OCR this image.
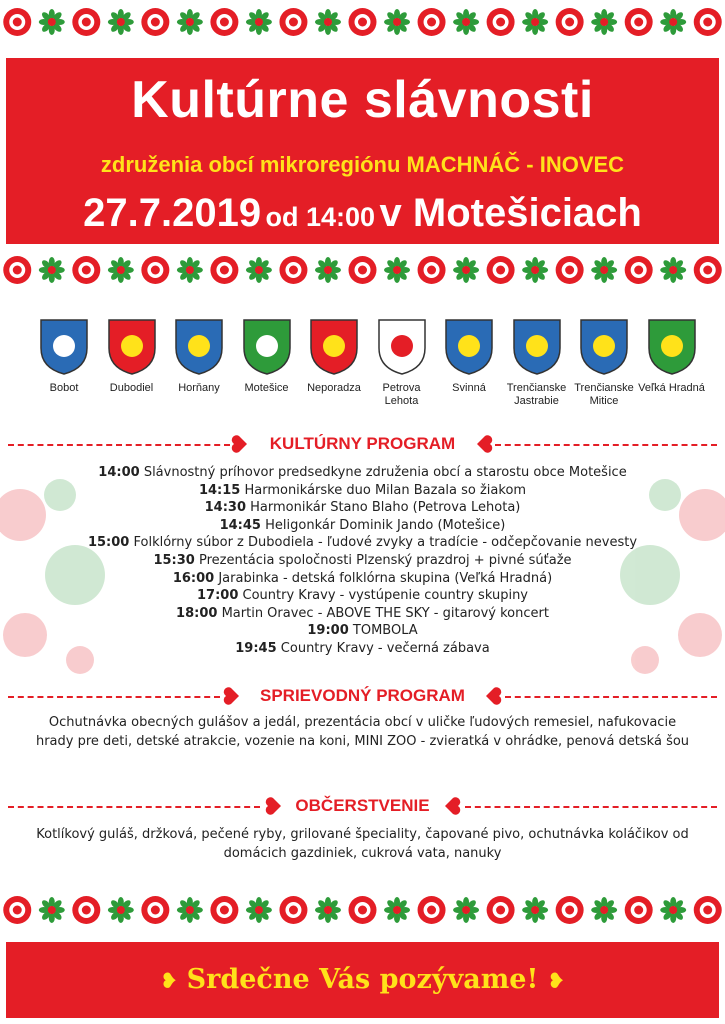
Kultúrne slávnosti
združenia obcí mikroregiónu MACHNÁČ - INOVEC
27.7.2019 od 14:00 v Motešiciach
Bobot	Dubodiel	Horňany	Motešice	Neporadza	Petrova Lehota
Svinná	Trenčianske Jastrabie
Trenčianske Mitice
Veľká Hradná
KULTÚRNY PROGRAM
14:00 Slávnostný príhovor predsedkyne združenia obcí a starostu obce Motešice
14:15 Harmonikárske duo Milan Bazala so žiakom
14:30 Harmonikár Stano Blaho (Petrova Lehota)
14:45 Heligonkár Dominik Jando (Motešice)
15:00 Folklórny súbor z Dubodiela - ľudové zvyky a tradície - odčepčovanie nevesty
15:30 Prezentácia spoločnosti Plzenský prazdroj + pivné súťaže
16:00 Jarabinka - detská folklórna skupina (Veľká Hradná)
17:00 Country Kravy - vystúpenie country skupiny
18:00 Martin Oravec - ABOVE THE SKY - gitarový koncert
19:00 TOMBOLA
19:45 Country Kravy - večerná zábava
SPRIEVODNÝ PROGRAM
Ochutnávka obecných gulášov a jedál, prezentácia obcí v uličke ľudových remesiel, nafukovacie hrady pre deti, detské atrakcie, vozenie na koni, MINI ZOO - zvieratká v ohrádke, penová detská šou
OBČERSTVENIE
Kotlíkový guláš, držková, pečené ryby, grilované špeciality, čapované pivo, ochutnávka koláčikov od domácich gazdiniek, cukrová vata, nanuky
❥ Srdečne Vás pozývame! ❥
